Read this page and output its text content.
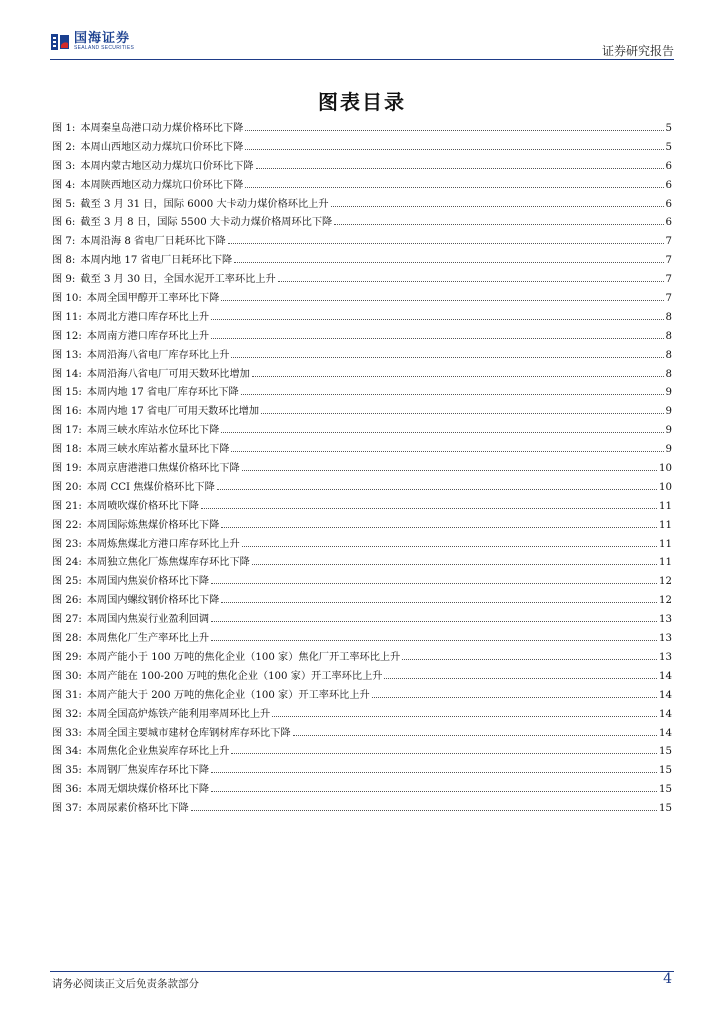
国海证券
SEALAND SECURITIES	证券研究报告
图表目录
图 1: 本周秦皇岛港口动力煤价格环比下降	5
图 2: 本周山西地区动力煤坑口价环比下降	5
图 3: 本周内蒙古地区动力煤坑口价环比下降	6
图 4: 本周陕西地区动力煤坑口价环比下降	6
图 5: 截至 3 月 31 日，国际 6000 大卡动力煤价格环比上升	6
图 6: 截至 3 月 8 日，国际 5500 大卡动力煤价格周环比下降	6
图 7: 本周沿海 8 省电厂日耗环比下降	7
图 8: 本周内地 17 省电厂日耗环比下降	7
图 9: 截至 3 月 30 日，全国水泥开工率环比上升	7
图 10: 本周全国甲醇开工率环比下降	7
图 11: 本周北方港口库存环比上升	8
图 12: 本周南方港口库存环比上升	8
图 13: 本周沿海八省电厂库存环比上升	8
图 14: 本周沿海八省电厂可用天数环比增加	8
图 15: 本周内地 17 省电厂库存环比下降	9
图 16: 本周内地 17 省电厂可用天数环比增加	9
图 17: 本周三峡水库站水位环比下降	9
图 18: 本周三峡水库站蓄水量环比下降	9
图 19: 本周京唐港港口焦煤价格环比下降	10
图 20: 本周 CCI 焦煤价格环比下降	10
图 21: 本周喷吹煤价格环比下降	11
图 22: 本周国际炼焦煤价格环比下降	11
图 23: 本周炼焦煤北方港口库存环比上升	11
图 24: 本周独立焦化厂炼焦煤库存环比下降	11
图 25: 本周国内焦炭价格环比下降	12
图 26: 本周国内螺纹钢价格环比下降	12
图 27: 本周国内焦炭行业盈利回调	13
图 28: 本周焦化厂生产率环比上升	13
图 29: 本周产能小于 100 万吨的焦化企业（100 家）焦化厂开工率环比上升	13
图 30: 本周产能在 100-200 万吨的焦化企业（100 家）开工率环比上升	14
图 31: 本周产能大于 200 万吨的焦化企业（100 家）开工率环比上升	14
图 32: 本周全国高炉炼铁产能利用率周环比上升	14
图 33: 本周全国主要城市建材仓库钢材库存环比下降	14
图 34: 本周焦化企业焦炭库存环比上升	15
图 35: 本周钢厂焦炭库存环比下降	15
图 36: 本周无烟块煤价格环比下降	15
图 37: 本周尿素价格环比下降	15
请务必阅读正文后免责条款部分	4
